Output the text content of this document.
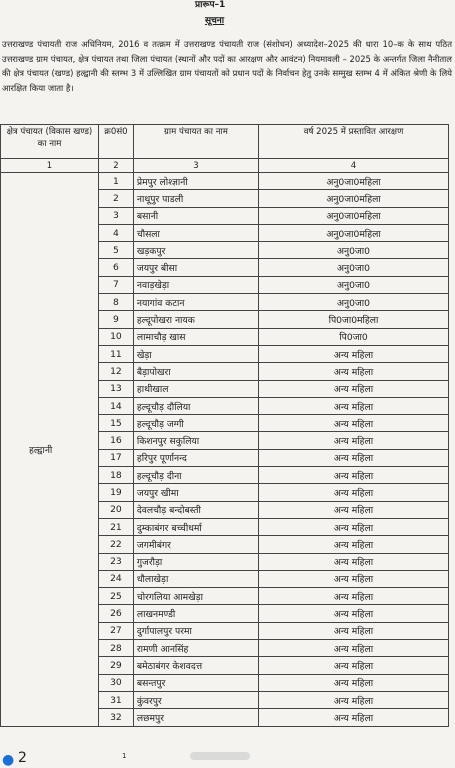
प्रारूप–1
सूचना

उत्तराखण्ड पंचायती राज अधिनियम, 2016 व तत्क्रम में उत्तराखण्ड पंचायती राज (संशोधन) अध्यादेश–2025 की धारा 10–क के साथ पठित उत्तराखण्ड ग्राम पंचायत, क्षेत्र पंचायत तथा जिला पंचायत (स्थानों और पदों का आरक्षण और आवंटन) नियमावली – 2025 के अन्तर्गत जिला नैनीताल की क्षेत्र पंचायत (खण्ड) हल्द्वानी की स्तम्भ 3 में उल्लिखित ग्राम पंचायतों को प्रधान पदों के निर्वाचन हेतु उनके सम्मुख स्तम्भ 4 में अंकित श्रेणी के लिये आरक्षित किया जाता है।

क्षेत्र पंचायत (विकास खण्ड) का नाम	क्र0सं0	ग्राम पंचायत का नाम	वर्ष 2025 में प्रस्तावित आरक्षण
1	2	3	4
हल्द्वानी	1	प्रेमपुर लोश्ज्ञानी	अनु0जा0महिला
	2	नाथूपुर पाडली	अनु0जा0महिला
	3	बसानी	अनु0जा0महिला
	4	चौसला	अनु0जा0महिला
	5	खड़कपुर	अनु0जा0
	6	जयपुर बीसा	अनु0जा0
	7	नवाड़खेड़ा	अनु0जा0
	8	नयागांव कटान	अनु0जा0
	9	हल्दूपोखरा नायक	पि0जा0महिला
	10	लामाचौड़ खास	पि0जा0
	11	खेड़ा	अन्य महिला
	12	बैड़ापोखरा	अन्य महिला
	13	हाथीखाल	अन्य महिला
	14	हल्दूचौड़ दौलिया	अन्य महिला
	15	हल्दूचौड़ जग्गी	अन्य महिला
	16	किशनपुर सकुलिया	अन्य महिला
	17	हरिपुर पूर्णानन्द	अन्य महिला
	18	हल्दूचौड़ दीना	अन्य महिला
	19	जयपुर खीमा	अन्य महिला
	20	देवलचौड़ बन्दोबस्ती	अन्य महिला
	21	दुम्काबंगर बच्चीधर्मा	अन्य महिला
	22	जगमीबंगर	अन्य महिला
	23	गुजरौड़ा	अन्य महिला
	24	धौलाखेड़ा	अन्य महिला
	25	चोरगलिया आमखेड़ा	अन्य महिला
	26	लाखनमण्डी	अन्य महिला
	27	दुर्गापालपुर परमा	अन्य महिला
	28	रामणी आनसिंह	अन्य महिला
	29	बमेठाबंगर केशवदत्त	अन्य महिला
	30	बसन्तपुर	अन्य महिला
	31	कुंवरपुर	अन्य महिला
	32	लछमपुर	अन्य महिला
● 2	1
